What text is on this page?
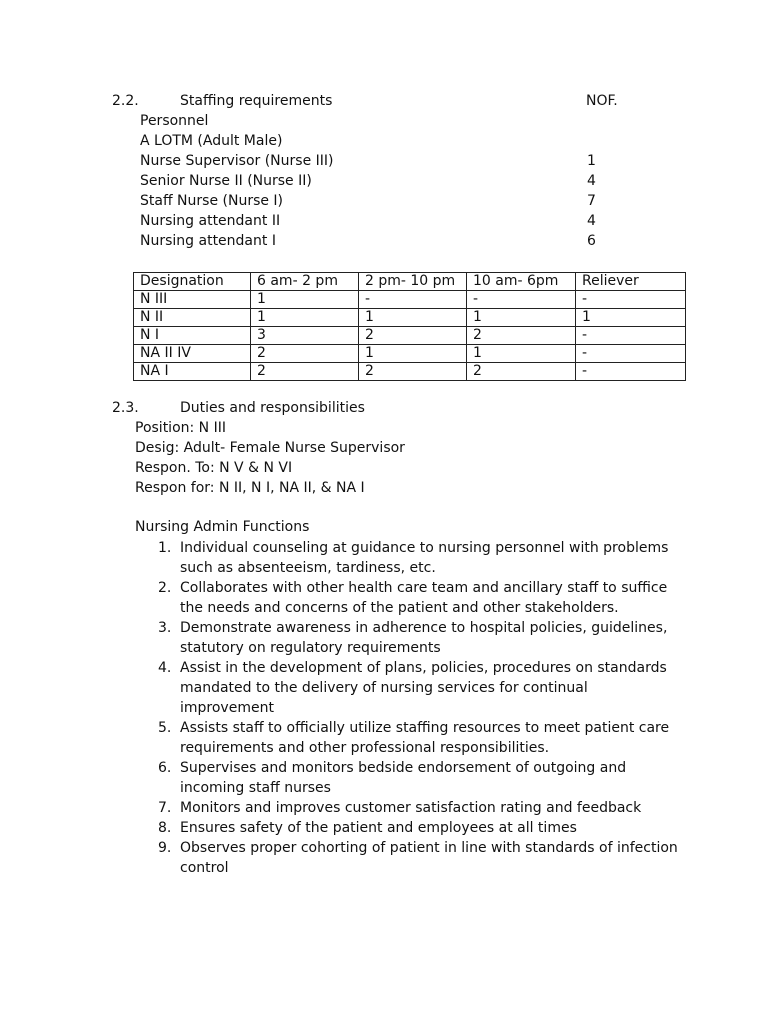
2.2.	Staffing requirements	NOF.
Personnel
A LOTM (Adult Male)
Nurse Supervisor (Nurse III)	1
Senior Nurse II (Nurse II)	4
Staff Nurse (Nurse I)	7
Nursing attendant II	4
Nursing attendant I	6
Designation	6 am- 2 pm	2 pm- 10 pm	10 am- 6pm	Reliever
N III	1	-	-	-
N II	1	1	1	1
N I	3	2	2	-
NA II IV	2	1	1	-
NA I	2	2	2	-
2.3.	Duties and responsibilities
Position: N III
Desig: Adult- Female Nurse Supervisor
Respon. To: N V & N VI
Respon for: N II, N I, NA II, & NA I
Nursing Admin Functions
1. Individual counseling at guidance to nursing personnel with problems
such as absenteeism, tardiness, etc.
2. Collaborates with other health care team and ancillary staff to suffice
the needs and concerns of the patient and other stakeholders.
3. Demonstrate awareness in adherence to hospital policies, guidelines,
statutory on regulatory requirements
4. Assist in the development of plans, policies, procedures on standards
mandated to the delivery of nursing services for continual
improvement
5. Assists staff to officially utilize staffing resources to meet patient care
requirements and other professional responsibilities.
6. Supervises and monitors bedside endorsement of outgoing and
incoming staff nurses
7. Monitors and improves customer satisfaction rating and feedback
8. Ensures safety of the patient and employees at all times
9. Observes proper cohorting of patient in line with standards of infection
control
